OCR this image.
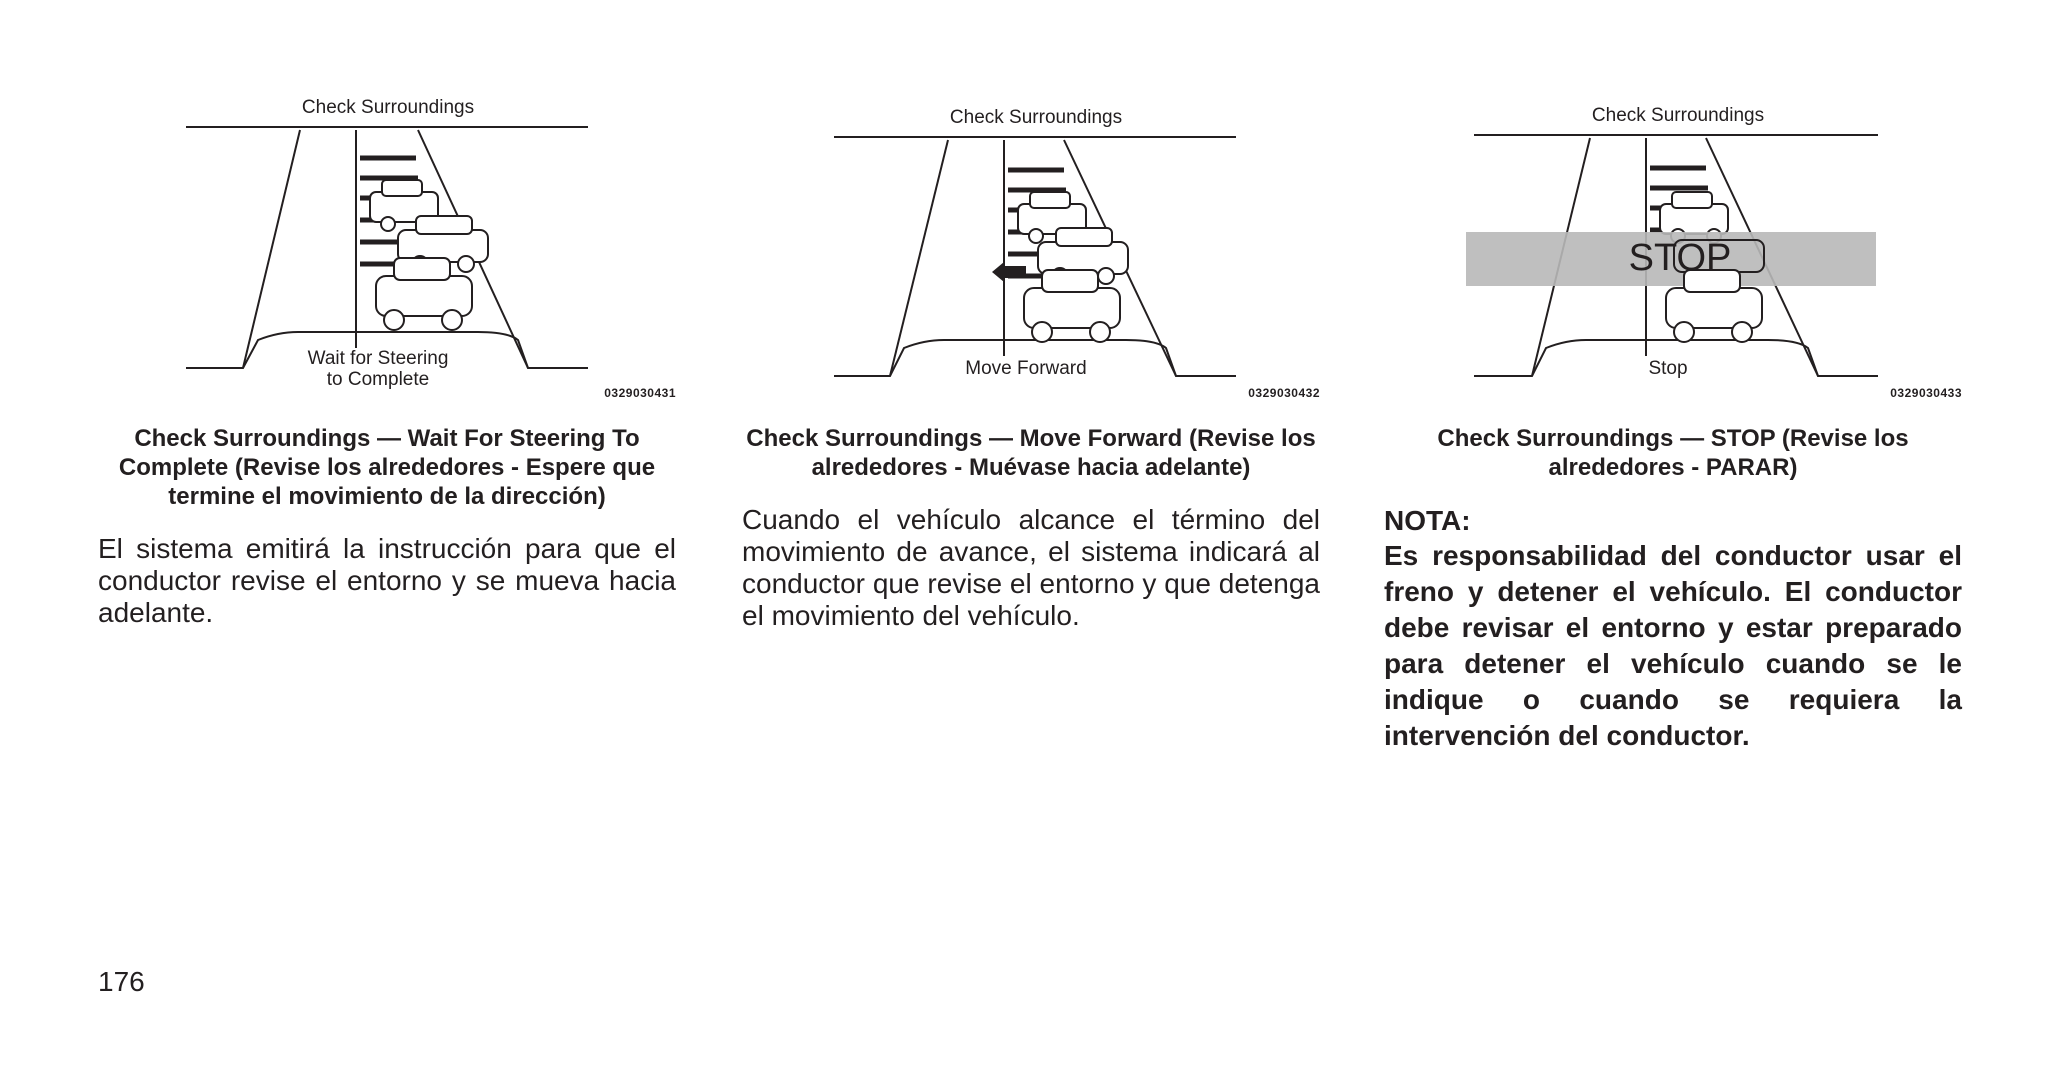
Check Surroundings
Wait for Steering
to Complete
0329030431
Check Surroundings — Wait For Steering To Complete (Revise los alrededores - Espere que termine el movimiento de la dirección)
El sistema emitirá la instrucción para que el conductor revise el entorno y se mueva hacia adelante.
Check Surroundings
Move Forward
0329030432
Check Surroundings — Move Forward (Revise los alrededores - Muévase hacia adelante)
Cuando el vehículo alcance el término del movimiento de avance, el sistema indicará al conductor que revise el entorno y que detenga el movimiento del vehículo.
Check Surroundings
STOP
Stop
0329030433
Check Surroundings — STOP (Revise los alrededores - PARAR)
NOTA:
Es responsabilidad del conductor usar el freno y detener el vehículo. El conductor debe revisar el entorno y estar preparado para detener el vehículo cuando se le indique o cuando se requiera la intervención del conductor.
176
